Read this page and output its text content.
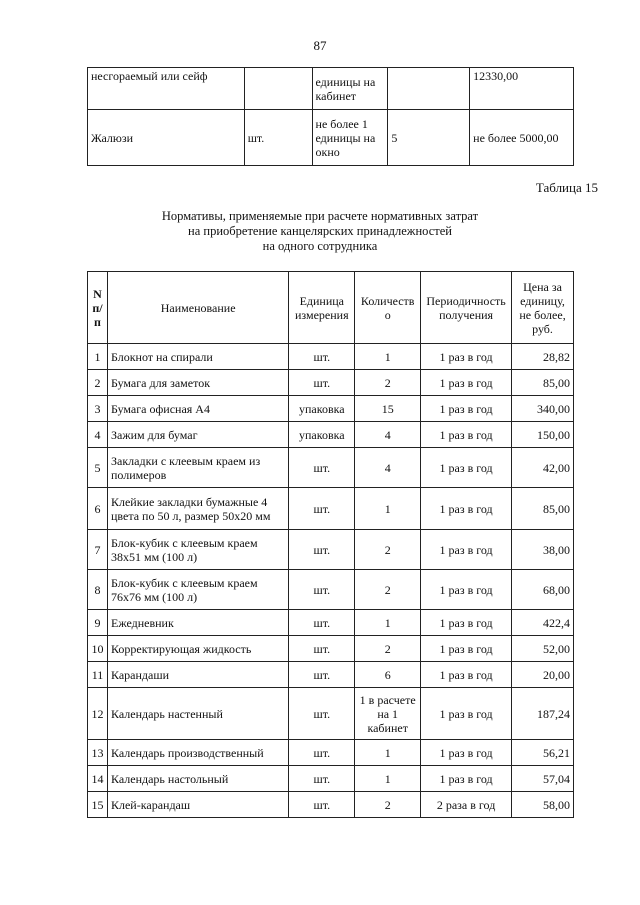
87
несгораемый или сейф		единицы на кабинет		12330,00
Жалюзи	шт.	не более 1 единицы на окно	5	не более 5000,00
Таблица 15
Нормативы, применяемые при расчете нормативных затрат
на приобретение канцелярских принадлежностей
на одного сотрудника
N п/п	Наименование	Единица измерения	Количество	Периодичность получения	Цена за единицу, не более, руб.
1	Блокнот на спирали	шт.	1	1 раз в год	28,82
2	Бумага для заметок	шт.	2	1 раз в год	85,00
3	Бумага офисная А4	упаковка	15	1 раз в год	340,00
4	Зажим для бумаг	упаковка	4	1 раз в год	150,00
5	Закладки с клеевым краем из полимеров	шт.	4	1 раз в год	42,00
6	Клейкие закладки бумажные 4 цвета по 50 л, размер 50х20 мм	шт.	1	1 раз в год	85,00
7	Блок-кубик с клеевым краем 38х51 мм (100 л)	шт.	2	1 раз в год	38,00
8	Блок-кубик с клеевым краем 76х76 мм (100 л)	шт.	2	1 раз в год	68,00
9	Ежедневник	шт.	1	1 раз в год	422,4
10	Корректирующая жидкость	шт.	2	1 раз в год	52,00
11	Карандаши	шт.	6	1 раз в год	20,00
12	Календарь настенный	шт.	1 в расчете на 1 кабинет	1 раз в год	187,24
13	Календарь производственный	шт.	1	1 раз в год	56,21
14	Календарь настольный	шт.	1	1 раз в год	57,04
15	Клей-карандаш	шт.	2	2 раза в год	58,00
